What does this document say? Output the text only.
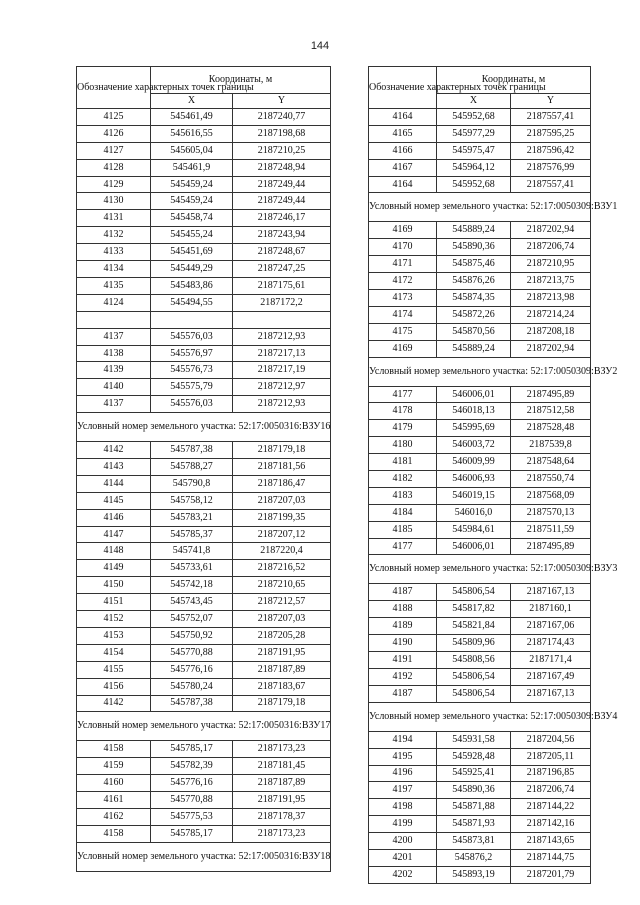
144
Обозначение характерных точек границы	Координаты, м	
	X	Y
4125	545461,49	2187240,77
4126	545616,55	2187198,68
4127	545605,04	2187210,25
4128	545461,9	2187248,94
4129	545459,24	2187249,44
4130	545459,24	2187249,44
4131	545458,74	2187246,17
4132	545455,24	2187243,94
4133	545451,69	2187248,67
4134	545449,29	2187247,25
4135	545483,86	2187175,61
4124	545494,55	2187172,2

4137	545576,03	2187212,93
4138	545576,97	2187217,13
4139	545576,73	2187217,19
4140	545575,79	2187212,97
4137	545576,03	2187212,93
Условный номер земельного участка: 52:17:0050316:ВЗУ16		
4142	545787,38	2187179,18
4143	545788,27	2187181,56
4144	545790,8	2187186,47
4145	545758,12	2187207,03
4146	545783,21	2187199,35
4147	545785,37	2187207,12
4148	545741,8	2187220,4
4149	545733,61	2187216,52
4150	545742,18	2187210,65
4151	545743,45	2187212,57
4152	545752,07	2187207,03
4153	545750,92	2187205,28
4154	545770,88	2187191,95
4155	545776,16	2187187,89
4156	545780,24	2187183,67
4142	545787,38	2187179,18
Условный номер земельного участка: 52:17:0050316:ВЗУ17		
4158	545785,17	2187173,23
4159	545782,39	2187181,45
4160	545776,16	2187187,89
4161	545770,88	2187191,95
4162	545775,53	2187178,37
4158	545785,17	2187173,23
Условный номер земельного участка: 52:17:0050316:ВЗУ18		
Обозначение характерных точек границы	Координаты, м	
	X	Y
4164	545952,68	2187557,41
4165	545977,29	2187595,25
4166	545975,47	2187596,42
4167	545964,12	2187576,99
4164	545952,68	2187557,41
Условный номер земельного участка: 52:17:0050309:ВЗУ1		
4169	545889,24	2187202,94
4170	545890,36	2187206,74
4171	545875,46	2187210,95
4172	545876,26	2187213,75
4173	545874,35	2187213,98
4174	545872,26	2187214,24
4175	545870,56	2187208,18
4169	545889,24	2187202,94
Условный номер земельного участка: 52:17:0050309:ВЗУ2		
4177	546006,01	2187495,89
4178	546018,13	2187512,58
4179	545995,69	2187528,48
4180	546003,72	2187539,8
4181	546009,99	2187548,64
4182	546006,93	2187550,74
4183	546019,15	2187568,09
4184	546016,0	2187570,13
4185	545984,61	2187511,59
4177	546006,01	2187495,89
Условный номер земельного участка: 52:17:0050309:ВЗУ3		
4187	545806,54	2187167,13
4188	545817,82	2187160,1
4189	545821,84	2187167,06
4190	545809,96	2187174,43
4191	545808,56	2187171,4
4192	545806,54	2187167,49
4187	545806,54	2187167,13
Условный номер земельного участка: 52:17:0050309:ВЗУ4		
4194	545931,58	2187204,56
4195	545928,48	2187205,11
4196	545925,41	2187196,85
4197	545890,36	2187206,74
4198	545871,88	2187144,22
4199	545871,93	2187142,16
4200	545873,81	2187143,65
4201	545876,2	2187144,75
4202	545893,19	2187201,79
